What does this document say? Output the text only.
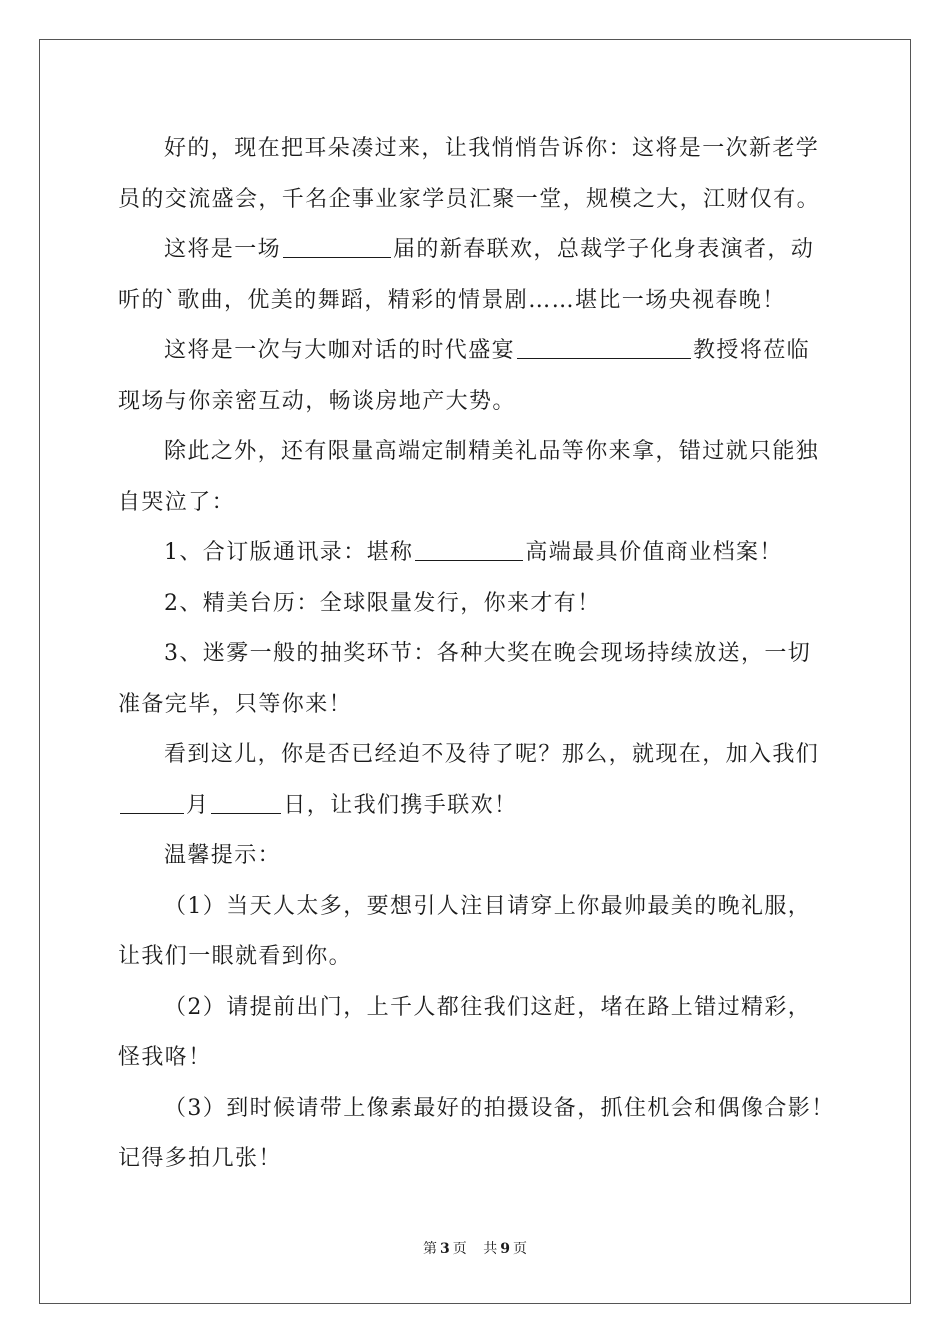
好的，现在把耳朵凑过来，让我悄悄告诉你：这将是一次新老学
员的交流盛会，千名企事业家学员汇聚一堂，规模之大，江财仅有。
这将是一场	届的新春联欢，总裁学子化身表演者，动
听的`歌曲，优美的舞蹈，精彩的情景剧……堪比一场央视春晚！
这将是一次与大咖对话的时代盛宴	教授将莅临
现场与你亲密互动，畅谈房地产大势。
除此之外，还有限量高端定制精美礼品等你来拿，错过就只能独
自哭泣了：
1、合订版通讯录：堪称	高端最具价值商业档案！
2、精美台历：全球限量发行，你来才有！
3、迷雾一般的抽奖环节：各种大奖在晚会现场持续放送，一切
准备完毕，只等你来！
看到这儿，你是否已经迫不及待了呢？那么，就现在，加入我们
月	日，让我们携手联欢！
温馨提示：
（1）当天人太多，要想引人注目请穿上你最帅最美的晚礼服，
让我们一眼就看到你。
（2）请提前出门，上千人都往我们这赶，堵在路上错过精彩，
怪我咯！
（3）到时候请带上像素最好的拍摄设备，抓住机会和偶像合影！
记得多拍几张！
第 3 页 共 9 页
